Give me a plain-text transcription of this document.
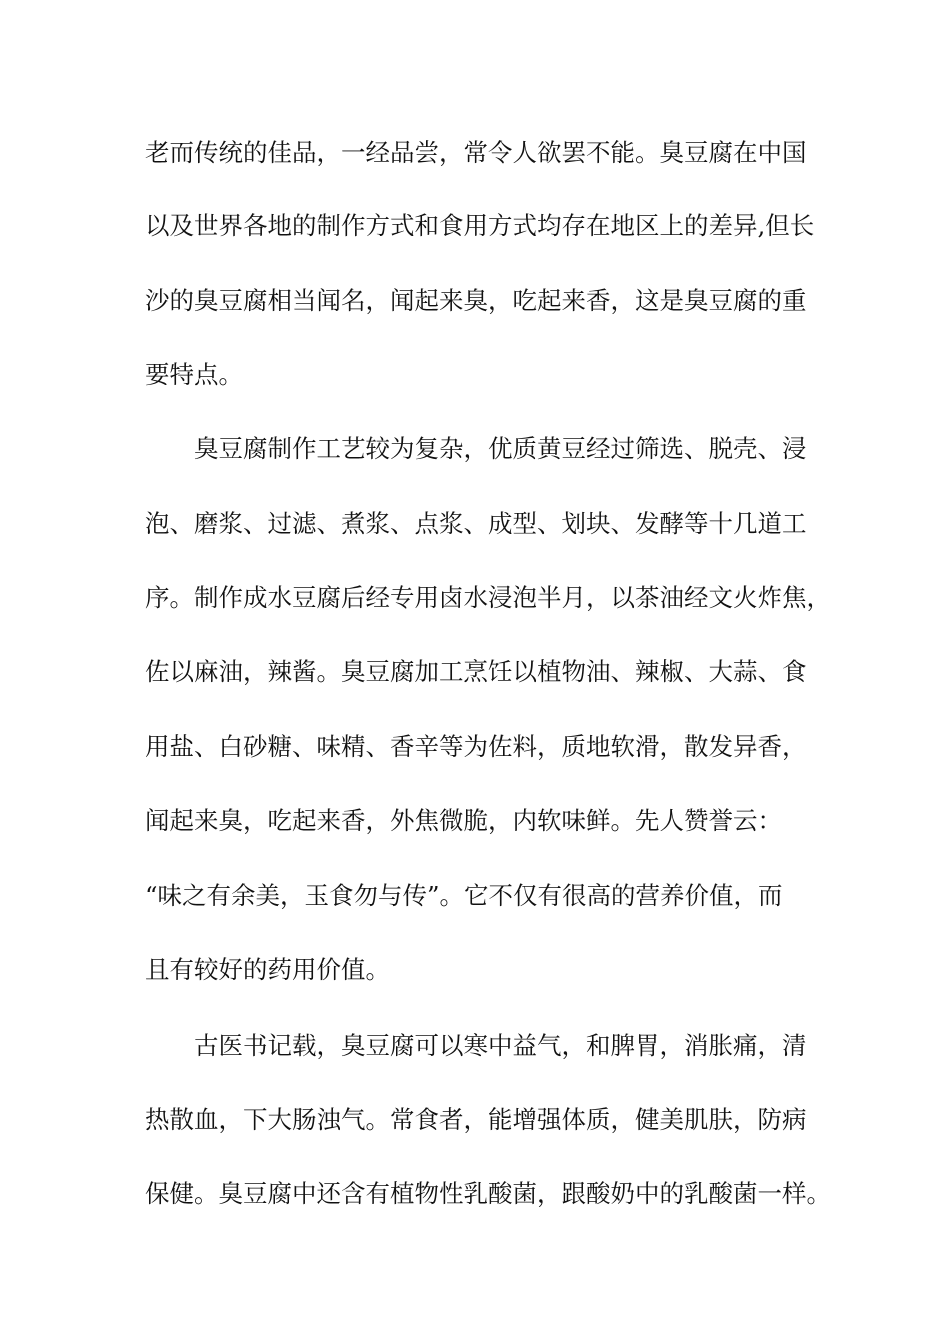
老而传统的佳品，一经品尝，常令人欲罢不能。臭豆腐在中国
以及世界各地的制作方式和食用方式均存在地区上的差异,但长
沙的臭豆腐相当闻名，闻起来臭，吃起来香，这是臭豆腐的重
要特点。
臭豆腐制作工艺较为复杂，优质黄豆经过筛选、脱壳、浸
泡、磨浆、过滤、煮浆、点浆、成型、划块、发酵等十几道工
序。制作成水豆腐后经专用卤水浸泡半月，以茶油经文火炸焦，
佐以麻油，辣酱。臭豆腐加工烹饪以植物油、辣椒、大蒜、食
用盐、白砂糖、味精、香辛等为佐料，质地软滑，散发异香，
闻起来臭，吃起来香，外焦微脆，内软味鲜。先人赞誉云：
“味之有余美，玉食勿与传”。它不仅有很高的营养价值，而
且有较好的药用价值。
古医书记载，臭豆腐可以寒中益气，和脾胃，消胀痛，清
热散血，下大肠浊气。常食者，能增强体质，健美肌肤，防病
保健。臭豆腐中还含有植物性乳酸菌，跟酸奶中的乳酸菌一样。
